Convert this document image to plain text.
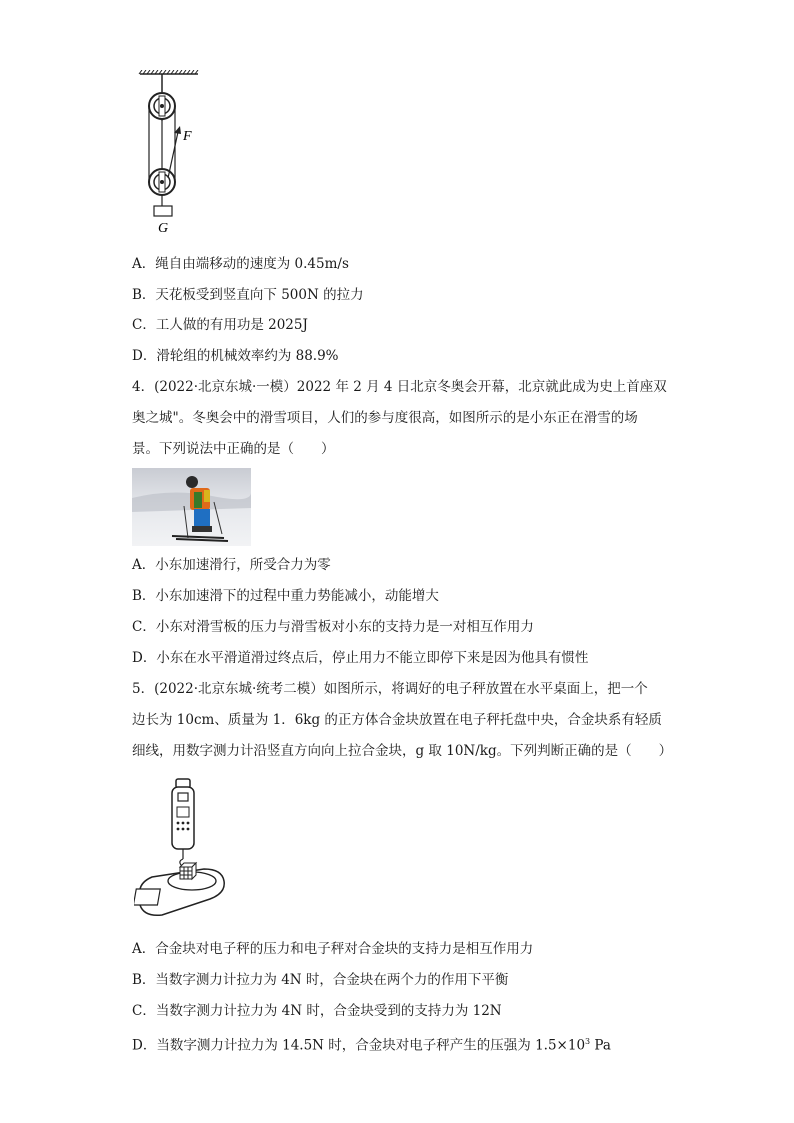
F
G
A．绳自由端移动的速度为 0.45m/s
B．天花板受到竖直向下 500N 的拉力
C．工人做的有用功是 2025J
D．滑轮组的机械效率约为 88.9%
4．(2022·北京东城·一模）2022 年 2 月 4 日北京冬奥会开幕，北京就此成为史上首座双
奥之城"。冬奥会中的滑雪项目，人们的参与度很高，如图所示的是小东正在滑雪的场
景。下列说法中正确的是（　　）
A．小东加速滑行，所受合力为零
B．小东加速滑下的过程中重力势能减小，动能增大
C．小东对滑雪板的压力与滑雪板对小东的支持力是一对相互作用力
D．小东在水平滑道滑过终点后，停止用力不能立即停下来是因为他具有惯性
5．(2022·北京东城·统考二模）如图所示，将调好的电子秤放置在水平桌面上，把一个
边长为 10cm、质量为 1．6kg 的正方体合金块放置在电子秤托盘中央，合金块系有轻质
细线，用数字测力计沿竖直方向向上拉合金块，g 取 10N/kg。下列判断正确的是（　　）
A．合金块对电子秤的压力和电子秤对合金块的支持力是相互作用力
B．当数字测力计拉力为 4N 时，合金块在两个力的作用下平衡
C．当数字测力计拉力为 4N 时，合金块受到的支持力为 12N
D．当数字测力计拉力为 14.5N 时，合金块对电子秤产生的压强为 $1.5\times 10^3$ Pa
